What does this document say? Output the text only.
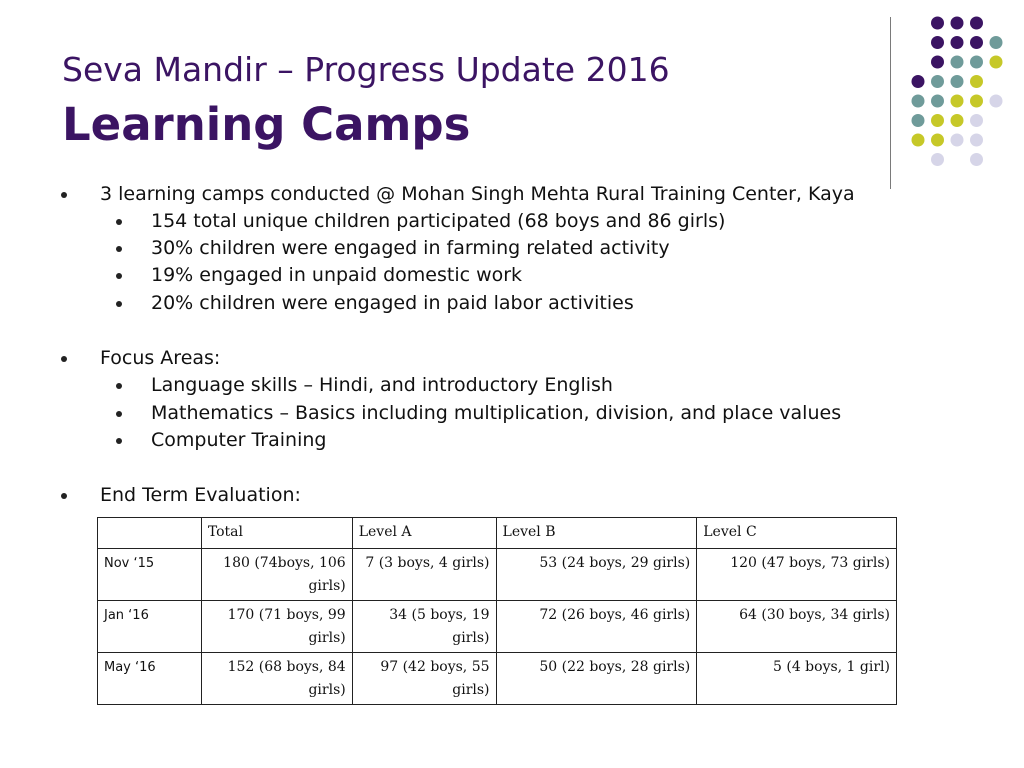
Seva Mandir – Progress Update 2016
Learning Camps
3 learning camps conducted @ Mohan Singh Mehta Rural Training Center, Kaya
154 total unique children participated (68 boys and 86 girls)
30% children were engaged in farming related activity
19% engaged in unpaid domestic work
20% children were engaged in paid labor activities
Focus Areas:
Language skills – Hindi, and introductory English
Mathematics – Basics including multiplication, division, and place values
Computer Training
End Term Evaluation:
	Total	Level A	Level B	Level C
Nov ‘15	180 (74boys, 106 girls)	7 (3 boys, 4 girls)	53 (24 boys, 29 girls)	120 (47 boys, 73 girls)
Jan ‘16	170 (71 boys, 99 girls)	34 (5 boys, 19 girls)	72 (26 boys, 46 girls)	64 (30 boys, 34 girls)
May ‘16	152 (68 boys, 84 girls)	97 (42 boys, 55 girls)	50 (22 boys, 28 girls)	5 (4 boys, 1 girl)
